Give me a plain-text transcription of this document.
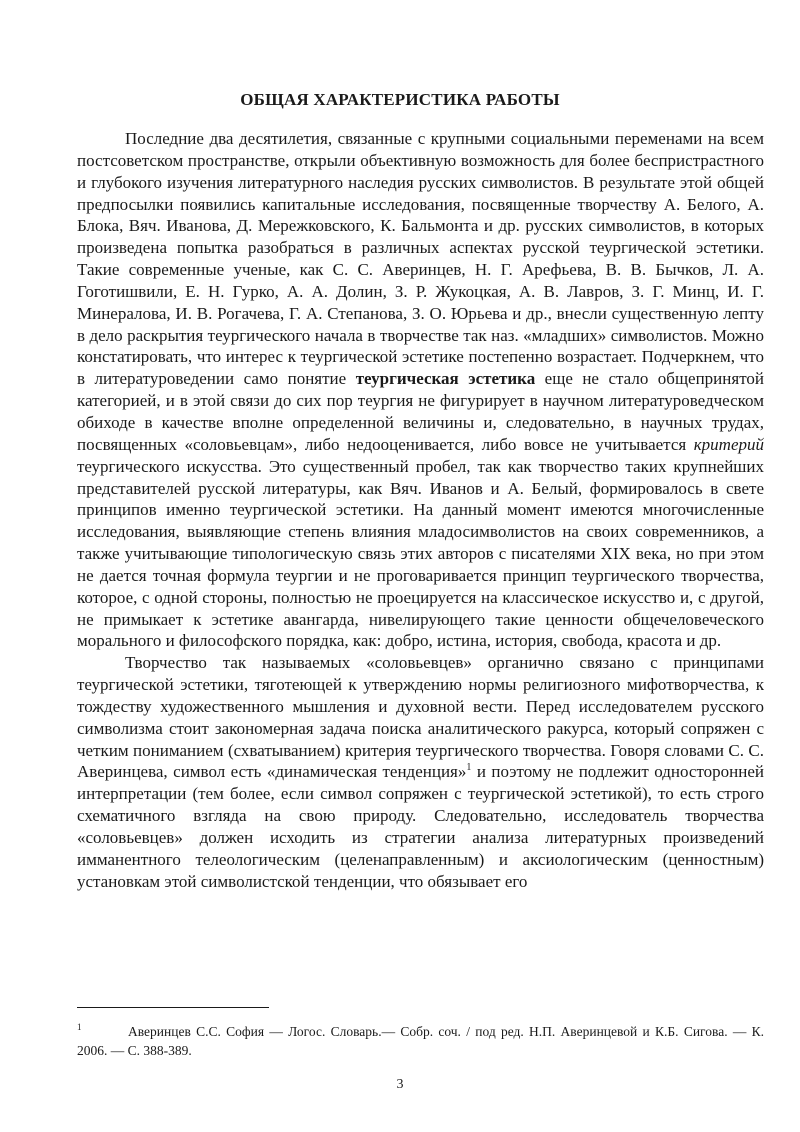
ОБЩАЯ ХАРАКТЕРИСТИКА РАБОТЫ

Последние два десятилетия, связанные с крупными социальными переменами на всем постсоветском пространстве, открыли объективную возможность для более беспристрастного и глубокого изучения литературного наследия русских символистов. В результате этой общей предпосылки появились капитальные исследования, посвященные творчеству А. Белого, А. Блока, Вяч. Иванова, Д. Мережковского, К. Бальмонта и др. русских символистов, в которых произведена попытка разобраться в различных аспектах русской теургической эстетики. Такие современные ученые, как С. С. Аверинцев, Н. Г. Арефьева, В. В. Бычков, Л. А. Гоготишвили, Е. Н. Гурко, А. А. Долин, З. Р. Жукоцкая, А. В. Лавров, З. Г. Минц, И. Г. Минералова, И. В. Рогачева, Г. А. Степанова, З. О. Юрьева и др., внесли существенную лепту в дело раскрытия теургического начала в творчестве так наз. «младших» символистов. Можно констатировать, что интерес к теургической эстетике постепенно возрастает. Подчеркнем, что в литературоведении само понятие теургическая эстетика еще не стало общепринятой категорией, и в этой связи до сих пор теургия не фигурирует в научном литературоведческом обиходе в качестве вполне определенной величины и, следовательно, в научных трудах, посвященных «соловьевцам», либо недооценивается, либо вовсе не учитывается критерий теургического искусства. Это существенный пробел, так как творчество таких крупнейших представителей русской литературы, как Вяч. Иванов и А. Белый, формировалось в свете принципов именно теургической эстетики. На данный момент имеются многочисленные исследования, выявляющие степень влияния младосимволистов на своих современников, а также учитывающие типологическую связь этих авторов с писателями XIX века, но при этом не дается точная формула теургии и не проговаривается принцип теургического творчества, которое, с одной стороны, полностью не проецируется на классическое искусство и, с другой, не примыкает к эстетике авангарда, нивелирующего такие ценности общечеловеческого морального и философского порядка, как: добро, истина, история, свобода, красота и др.

Творчество так называемых «соловьевцев» органично связано с принципами теургической эстетики, тяготеющей к утверждению нормы религиозного мифотворчества, к тождеству художественного мышления и духовной вести. Перед исследователем русского символизма стоит закономерная задача поиска аналитического ракурса, который сопряжен с четким пониманием (схватыванием) критерия теургического творчества. Говоря словами С. С. Аверинцева, символ есть «динамическая тенденция»$^1$ и поэтому не подлежит односторонней интерпретации (тем более, если символ сопряжен с теургической эстетикой), то есть строго схематичного взгляда на свою природу. Следовательно, исследователь творчества «соловьевцев» должен исходить из стратегии анализа литературных произведений имманентного телеологическим (целенаправленным) и аксиологическим (ценностным) установкам этой символистской тенденции, что обязывает его

1	Аверинцев С.С. София — Логос. Словарь.— Собр. соч. / под ред. Н.П. Аверинцевой и К.Б. Сигова. — К. 2006. — С. 388-389.
3
